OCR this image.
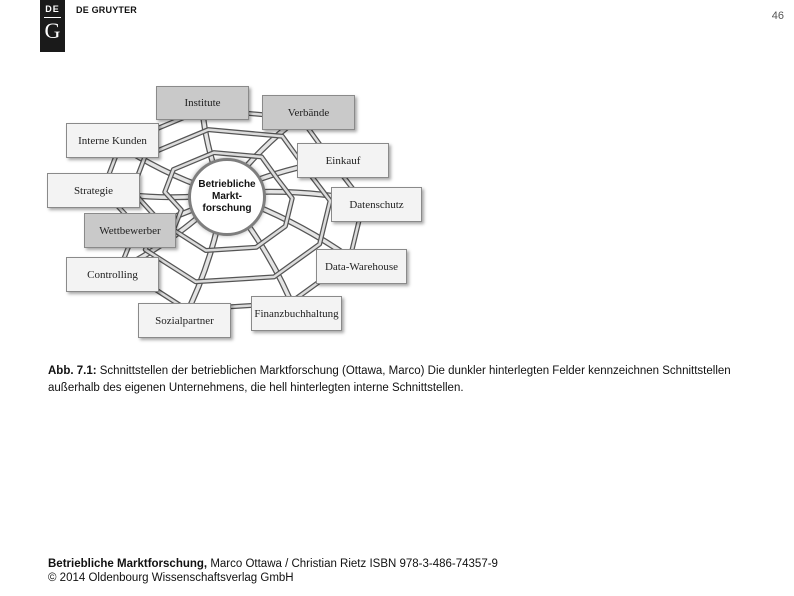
DE
G
DE GRUYTER	46
Betriebliche
Markt-
forschung
Institute
Verbände
Interne Kunden
Einkauf
Strategie
Datenschutz
Wettbewerber
Controlling
Data-Warehouse
Sozialpartner
Finanzbuchhaltung
Abb. 7.1: Schnittstellen der betrieblichen Marktforschung (Ottawa, Marco) Die dunkler hinterlegten Felder kennzeichnen Schnittstellen außerhalb des eigenen Unternehmens, die hell hinterlegten interne Schnittstellen.
Betriebliche Marktforschung, Marco Ottawa / Christian Rietz ISBN 978-3-486-74357-9
© 2014 Oldenbourg Wissenschaftsverlag GmbH
